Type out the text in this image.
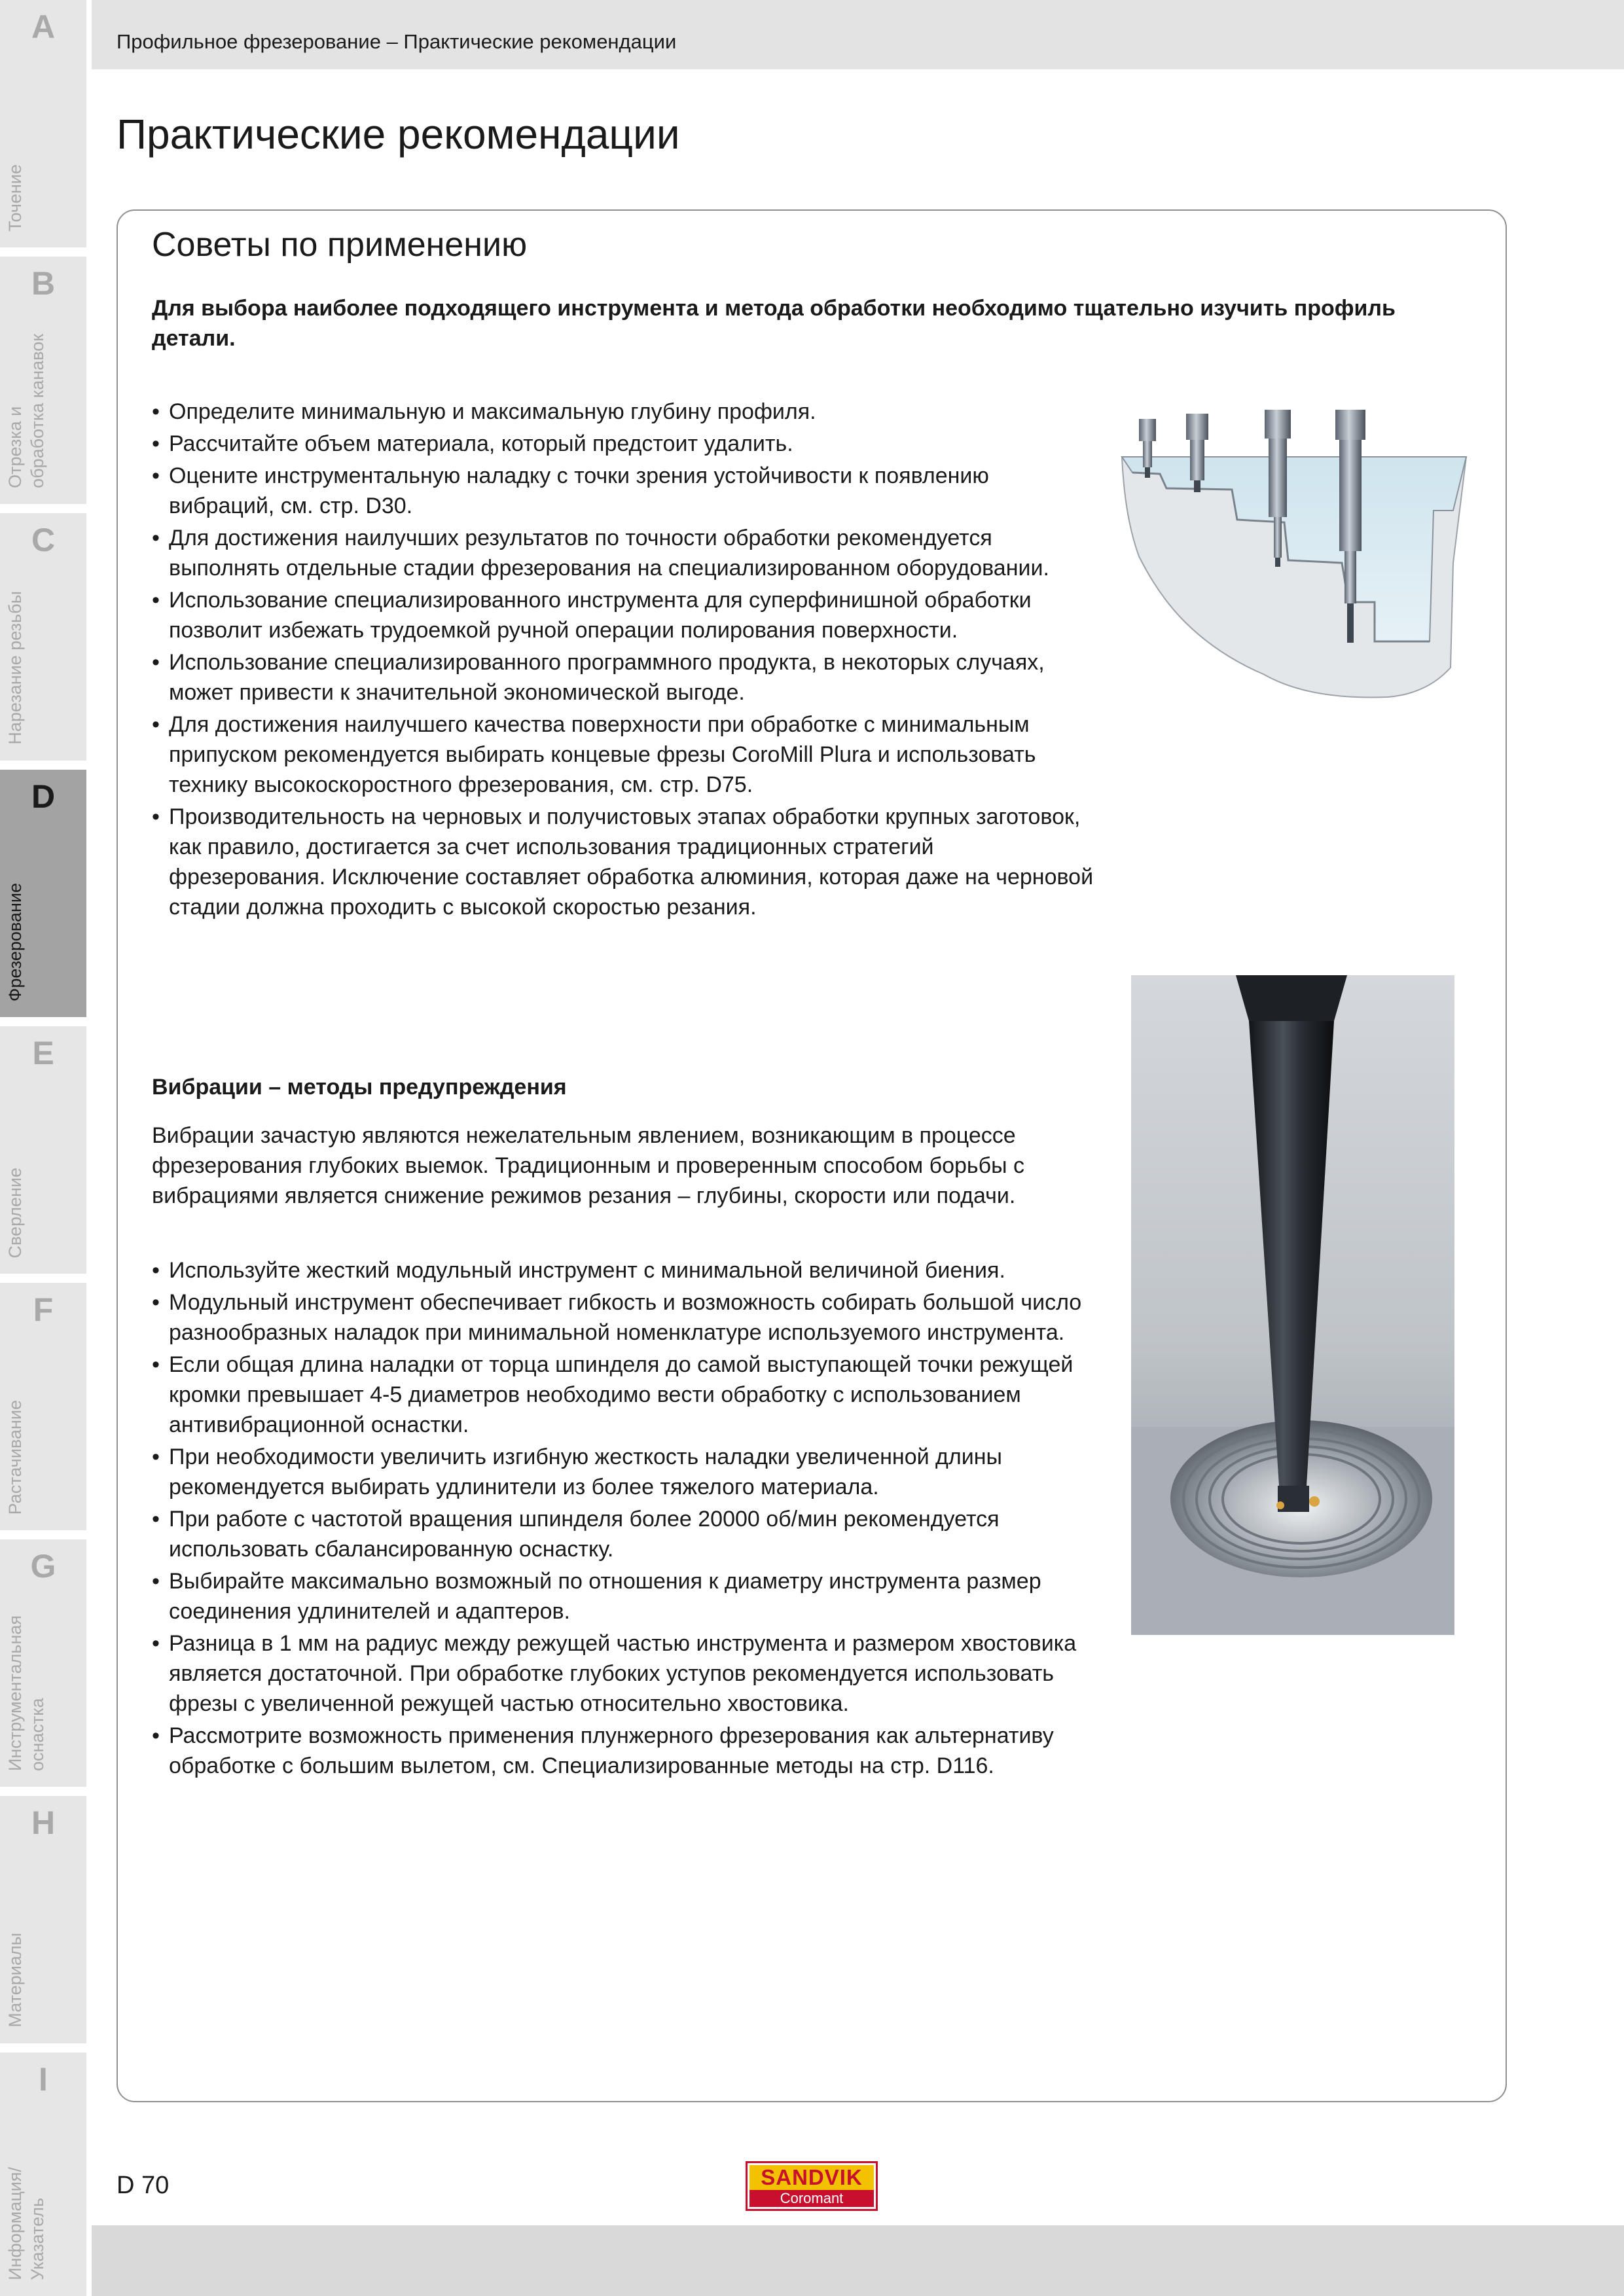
A
Точение
B
Отрезка и
обработка канавок
C
Нарезание резьбы
D
Фрезерование
E
Сверление
F
Растачивание
G
Инструментальная
оснастка
H
Материалы
I
Информация/
Указатель
Профильное фрезерование – Практические рекомендации
Практические рекомендации
Советы по применению
Для выбора наиболее подходящего инструмента и метода обработки необходимо тщательно изучить профиль детали.
• Определите минимальную и максимальную глубину профиля.
• Рассчитайте объем материала, который предстоит удалить.
• Оцените инструментальную наладку с точки зрения устойчивости к появлению вибраций, см. стр. D30.
• Для достижения наилучших результатов по точности обработки рекомендуется выполнять отдельные стадии фрезерования на специализированном оборудовании.
• Использование специализированного инструмента для суперфинишной обработки позволит избежать трудоемкой ручной операции полирования поверхности.
• Использование специализированного программного продукта, в некоторых случаях, может привести к значительной экономической выгоде.
• Для достижения наилучшего качества поверхности при обработке с минимальным припуском рекомендуется выбирать концевые фрезы CoroMill Plura и использовать технику высокоскоростного фрезерования, см. стр. D75.
• Производительность на черновых и получистовых этапах обработки крупных заготовок, как правило, достигается за счет использования традиционных стратегий фрезерования. Исключение составляет обработка алюминия, которая даже на черновой стадии должна проходить с высокой скоростью резания.
Вибрации – методы предупреждения
Вибрации зачастую являются нежелательным явлением, возникающим в процессе фрезерования глубоких выемок. Традиционным и проверенным способом борьбы с вибрациями является снижение режимов резания – глубины, скорости или подачи.
• Используйте жесткий модульный инструмент с минимальной величиной биения.
• Модульный инструмент обеспечивает гибкость и возможность собирать большой число разнообразных наладок при минимальной номенклатуре используемого инструмента.
• Если общая длина наладки от торца шпинделя до самой выступающей точки режущей кромки превышает 4-5 диаметров необходимо вести обработку с использованием антивибрационной оснастки.
• При необходимости увеличить изгибную жесткость наладки увеличенной длины рекомендуется выбирать удлинители из более тяжелого материала.
• При работе с частотой вращения шпинделя более 20000 об/мин рекомендуется использовать сбалансированную оснастку.
• Выбирайте максимально возможный по отношения к диаметру инструмента размер соединения удлинителей и адаптеров.
• Разница в 1 мм на радиус между режущей частью инструмента и размером хвостовика является достаточной. При обработке глубоких уступов рекомендуется использовать фрезы с увеличенной режущей частью относительно хвостовика.
• Рассмотрите возможность применения плунжерного фрезерования как альтернативу обработке с большим вылетом, см. Специализированные методы на стр. D116.
D 70	SANDVIK
Coromant
